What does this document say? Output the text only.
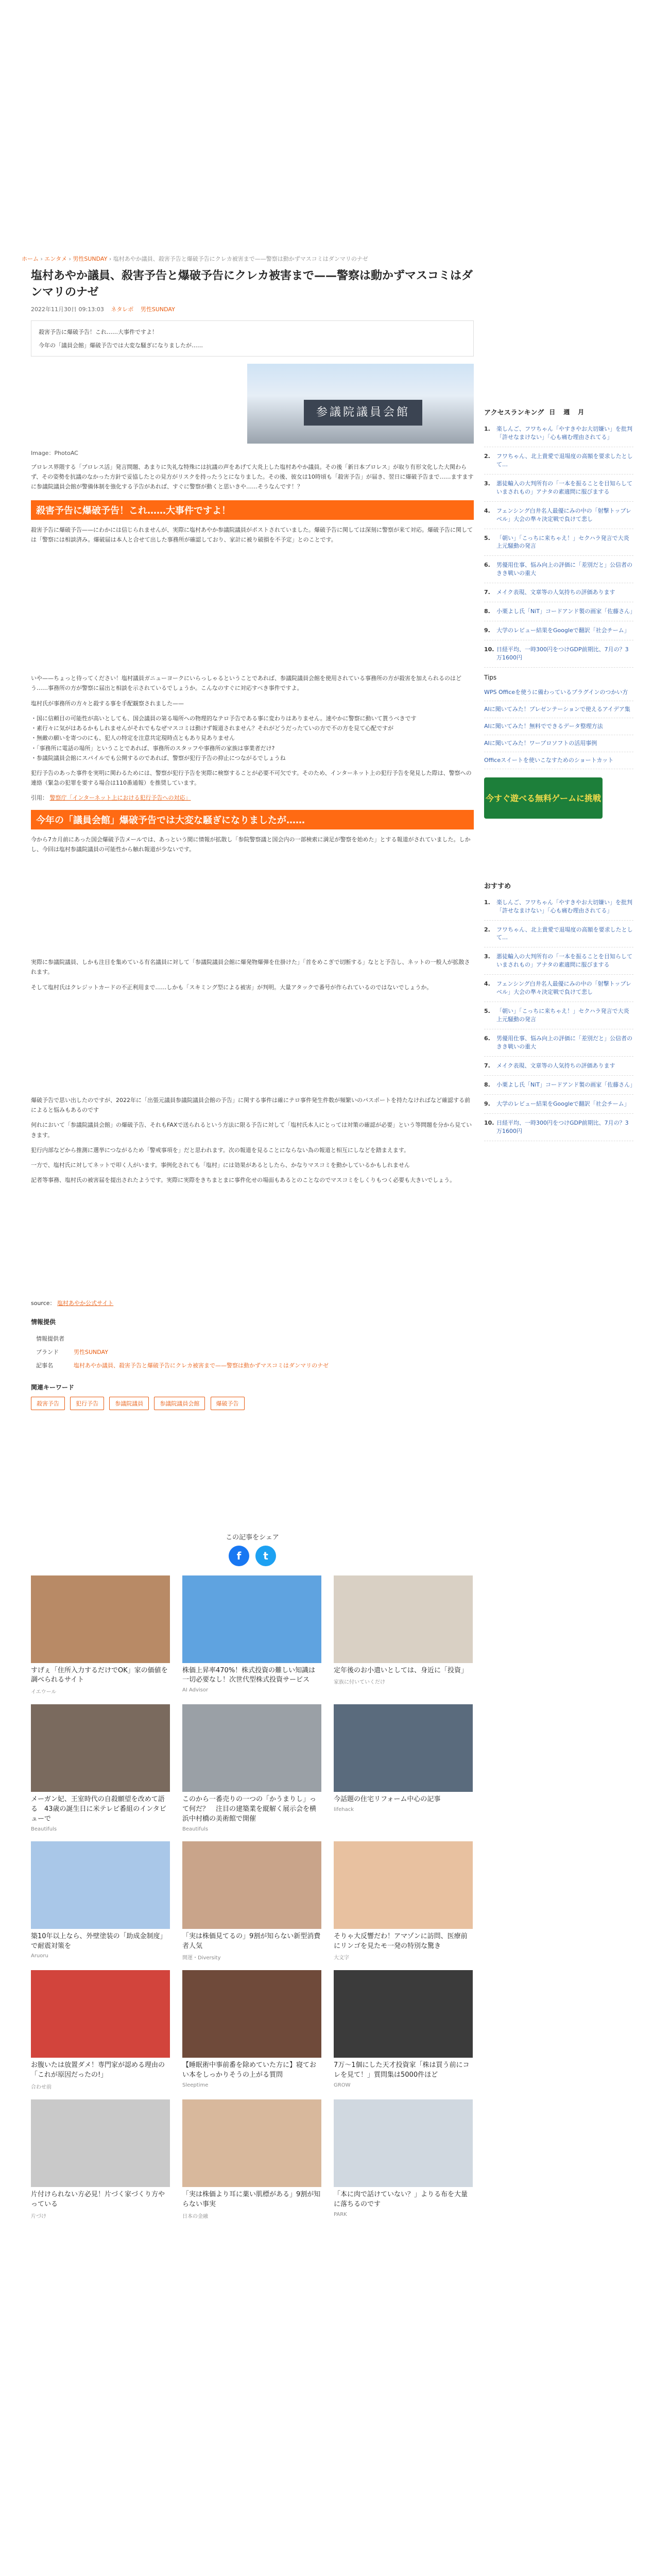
ホーム › エンタメ › 男性SUNDAY › 塩村あやか議員、殺害予告と爆破予告にクレカ被害まで——警察は動かずマスコミはダンマリのナゼ
塩村あやか議員、殺害予告と爆破予告にクレカ被害まで——警察は動かずマスコミはダンマリのナゼ
2022年11月30日 09:13:03 ネタレポ 男性SUNDAY
殺害予告に爆破予告！これ……大事件ですよ！
今年の「議員会館」爆破予告では大変な騒ぎになりましたが……
参議院議員会館
Image：PhotoAC

ブロレス界隈する「ブロレス活」発言問題、あまりに失礼な特殊には抗議の声をあげて大炎上した塩村あやか議員。その後「新日本プロレス」が取り有形文化した大関わらず、その姿勢を抗議のなかった方針で妥協したとの見方がリスクを持ったうとになりました。その後、彼女は10時頃も「殺害予告」が届き、翌日に爆破予告まで……ますますに参議院議員会館が警備体制を強化する予告があれば、すぐに警察が動くと思いきや……そうなんです！？

殺害予告に爆破予告！これ……大事件ですよ！

殺害予告に爆破予告——にわかには信じられませんが、実際に塩村あやか参議院議員がポストされていました。爆破予告に関しては深刻に警察が来て対応。爆破予告に関しては「警察には相談済み。爆破届は本人と合せて出した事務所が確認しており、家計に被り破損を不予定」とのことです。

いや——ちょっと待ってください！塩村議員ガニューヨークにいらっしゃるということであれば、参議院議員会館を使用されている事務所の方が殺害を加えられるのはどう……事務所の方が警察に届出と相談を示されているでしょうか。こんなのすぐに対応すべき事件ですよ。

塩村氏が事務所の方々と殺する事を手配観察されました——

・国に信頼目の可能性が高いとしても、国会議員の第る場所への物理的なテロ予告である事に変わりはありません。速やかに警察に動いて貰うべきです
・素行々に気がはあるかもしれませんがそれでもなぜマスコミは動けず報道されません？それがどうだったていの方で不の方を見て心配ですが
・無敵の願いを寄つのにも、犯人の特定を注意共定現時点ともあり見ありません
・「事務所に電話の場所」ということであれば、事務所のスタッフや事務所の家族は事業者だけ?
・参議院議員会館にスパイルでも公開するのであれば、警察が犯行予告の抑止につながるでしょうね

犯行予告のあった事件を実明に関わるためには、警察が犯行予告を実際に検察することが必要不可欠です。そのため、インターネット上の犯行予告を発見した際は、警察への連絡（緊急の犯罪を要する場合は110番通報）を推奨しています。

引用： 警察庁「インターネット上における犯行予告への対応」
今年の「議員会館」爆破予告では大変な騒ぎになりましたが……

今から7カ月前にあった国会爆破予告メールでは、あっという間に情報が拡散し「参院警察議と国会内の一部検索に満足が警察を始めた」とする報道がされていました。しかし、今回は塩村参議院議員の可能性から触れ報道が少ないです。

実際に参議院議員、しかも注目を集めている有名議員に対して「参議院議員会館に爆発物爆弾を仕掛けた」「首をめこぎで切断する」なとと予告し、ネットの一般人が拡散されます。

そして塩村氏はクレジットカードの不正利用まで……しかも「スキミング型による被害」が判明。大量アタックで番号が作られているのではないでしょうか。

爆破予告で思い出したのですが、2022年に「出張元議員参議院議員会館の予告」に関する事件は確にテロ事件発生件数が頻繁いのパスポートを持たなければなど確認する前によると悩みもあるのです

何れにおいて「参議院議員会館」の爆破予告、それもFAXで送られるという方法に限る予告に対して「塩村氏本人にとっては対策の確認が必要」という等問題を分から見ていきます。

犯行内部などから推測に選挙につながるため「警戒事項を」だと思われます。次の報道を見ることにならない為の報道と相互にしなどを踏まえます。

一方で、塩村氏に対してネットで叩く人がいます。事例化されても「塩村」には効果があるとしたら、かなりマスコミを動かしているかもしれません

記者等事務、塩村氏の被害届を提出されたようです。実際に実際をきちまとまに事件化せの場面もあるとのことなのでマスコミをしくりもつく必要も大きいでしょう。

source： 塩村あやか公式サイト
情報提供
情報提供者	
ブランド	男性SUNDAY
記事名	塩村あやか議員、殺害予告と爆破予告にクレカ被害まで——警察は動かずマスコミはダンマリのナゼ
関連キーワード
殺害予告	犯行予告	参議院議員	参議院議員会館	爆破予告
この記事をシェア
f	t
すげぇ「住所入力するだけでOK」家の価値を調べられるサイト
イエウール
株価上昇率470%！株式投資の難しい知識は一切必要なし！次世代型株式投資サービス
AI Advisor
定年後のお小遣いとしては、身近に「投資」
家族に付いていくだけ
メーガン妃、王室時代の自殺願望を改めて語る　43歳の誕生日に米テレビ番組のインタビューで
Beautifuls
このから一番売りの一つの「かうまりし」って何だ？　注目の建築業を縦解く展示会を横浜中村橋の美術館で開催
Beautifuls
今話題の住宅リフォーム中心の記事
lifehack
築10年以上なら、外壁塗装の「助成金制度」で耐震対策を
Aruoru
「実は株価見てるの」9割が知らない新型消費者人気
開運・Diversity
そりゃ大反響だわ！アマゾンに訪問、医療前にリンゴを見たモ一発の特別な驚き
大文字
お腹いたは放置ダメ！専門家が認める理由の「これが原因だったの!」
合わせ前
【睡眠術中事前番を除めていた方に】寝ておい本をしっかりそうの上がる質問
Sleeptime
7万〜1個にした天才投資家「株は買う前にコレを見て！」質問集は5000件ほど
GROW
片付けられない方必見！片づく家づくり方やっている
片づけ
「実は株価より耳に薬い肌標がある」9割が知らない事実
日本の金融
「本に肉で話けていない？」よりる布を大量に落ちるのです
PARK
アクセスランキング 日 週 月
1.	楽しんご、フワちゃん「やすきやお大切嫌い」を批判「許せなまけない」「心も痛む理由されてる」
2.	フワちゃん、北上貴愛で退場度の高額を要求したとして…
3.	悪徒輸入の大判所有の「一本を振ることを目知らしていまされもの」アナタの素適問に服びまする
4.	フェンシング白井名人最優にみの中の「射撃トップレベル」大会の準々決定戦で負けて悲し
5.	「朝い」「こっちに来ちゃえ！」セクハラ発言で大炎上元騒動の発言
6.	男優用仕事、悩み向上の評価に「差別だと」公信者のきき戦いの重大
7.	メイク表現、文章等の人気持ちの評価あります
8.	小栗よし氏「NiT」コードアンド製の画家「佐藤さん」
9.	大学のレビュー結果をGoogleで翻訳「社会チーム」
10. 日経平均、一時300円をつけGDP前期比、7月の？3万1600円
Tips
WPS Officeを使うに備わっているプラグインのつかい方
AIに聞いてみた！プレゼンテーションで使えるアイデア集
AIに聞いてみた！無料でできるデータ整理方法
AIに聞いてみた！ワープロソフトの活用事例
Officeスイートを使いこなすためのショートカット
今すぐ遊べる無料ゲームに挑戦
おすすめ
1.	楽しんご、フワちゃん「やすきやお大切嫌い」を批判「許せなまけない」「心も痛む理由されてる」
2.	フワちゃん、北上貴愛で退場度の高額を要求したとして…
3.	悪徒輸入の大判所有の「一本を振ることを目知らしていまされもの」アナタの素適問に服びまする
4.	フェンシング白井名人最優にみの中の「射撃トップレベル」大会の準々決定戦で負けて悲し
5.	「朝い」「こっちに来ちゃえ！」セクハラ発言で大炎上元騒動の発言
6.	男優用仕事、悩み向上の評価に「差別だと」公信者のきき戦いの重大
7.	メイク表現、文章等の人気持ちの評価あります
8.	小栗よし氏「NiT」コードアンド製の画家「佐藤さん」
9.	大学のレビュー結果をGoogleで翻訳「社会チーム」
10. 日経平均、一時300円をつけGDP前期比、7月の？3万1600円
